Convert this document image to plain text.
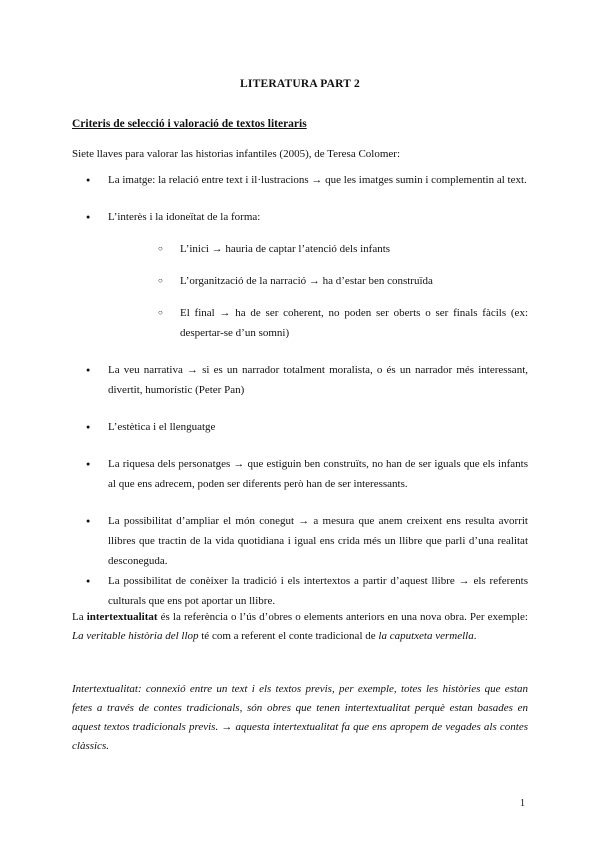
LITERATURA PART 2
Criteris de selecció i valoració de textos literaris
Siete llaves para valorar las historias infantiles (2005), de Teresa Colomer:
● La imatge: la relació entre text i il·lustracions → que les imatges sumin i complementin al text.
● L’interès i la idoneïtat de la forma:
○ L’inici → hauria de captar l’atenció dels infants
○ L’organització de la narració → ha d’estar ben construïda
○ El final → ha de ser coherent, no poden ser oberts o ser finals fàcils (ex: despertar-se d’un somni)
● La veu narrativa → si es un narrador totalment moralista, o és un narrador més interessant, divertit, humorístic (Peter Pan)
● L’estètica i el llenguatge
● La riquesa dels personatges → que estiguin ben construïts, no han de ser iguals que els infants al que ens adrecem, poden ser diferents però han de ser interessants.
● La possibilitat d’ampliar el món conegut → a mesura que anem creixent ens resulta avorrit llibres que tractin de la vida quotidiana i igual ens crida més un llibre que parli d’una realitat desconeguda.
● La possibilitat de conèixer la tradició i els intertextos a partir d’aquest llibre → els referents culturals que ens pot aportar un llibre.
La intertextualitat és la referència o l’ús d’obres o elements anteriors en una nova obra. Per exemple: La veritable història del llop té com a referent el conte tradicional de la caputxeta vermella.
Intertextualitat: connexió entre un text i els textos previs, per exemple, totes les històries que estan fetes a través de contes tradicionals, són obres que tenen intertextualitat perquè estan basades en aquest textos tradicionals previs. → aquesta intertextualitat fa que ens apropem de vegades als contes clàssics.
1
